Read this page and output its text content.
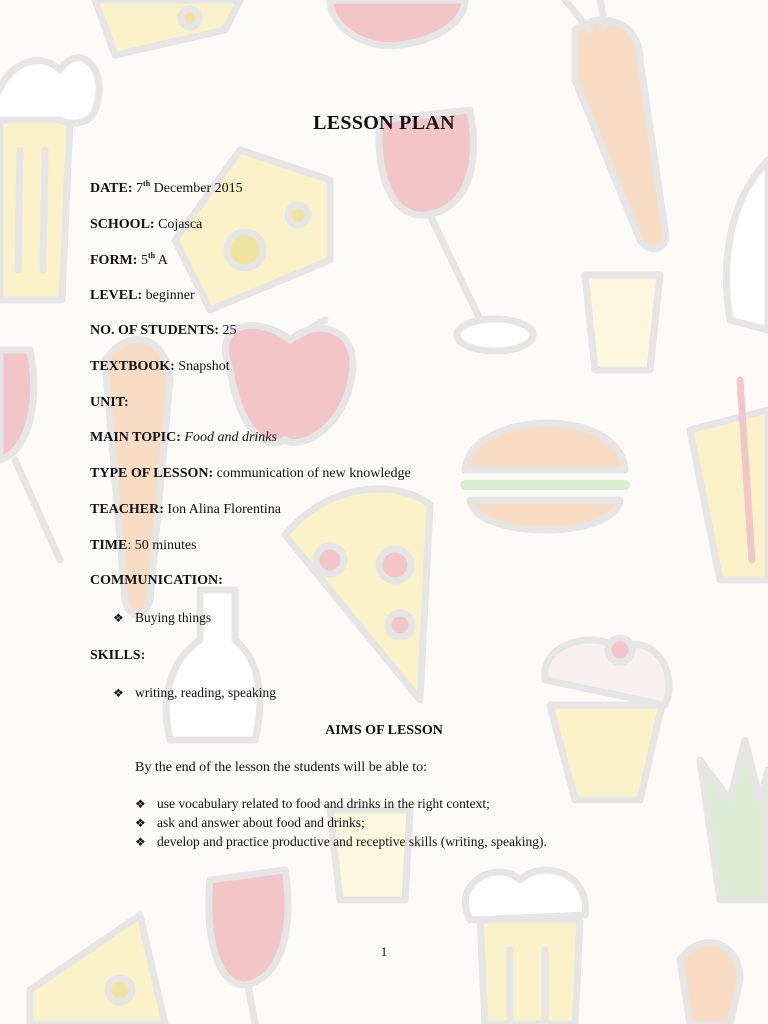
LESSON PLAN
DATE: 7th December 2015
SCHOOL: Cojasca
FORM: 5th A
LEVEL: beginner
NO. OF STUDENTS: 25
TEXTBOOK: Snapshot
UNIT:
MAIN TOPIC: Food and drinks
TYPE OF LESSON: communication of new knowledge
TEACHER: Ion Alina Florentina
TIME: 50 minutes
COMMUNICATION:
❖ Buying things
SKILLS:
❖ writing, reading, speaking
AIMS OF LESSON
By the end of the lesson the students will be able to:
❖ use vocabulary related to food and drinks in the right context;
❖ ask and answer about food and drinks;
❖ develop and practice productive and receptive skills (writing, speaking).
1
